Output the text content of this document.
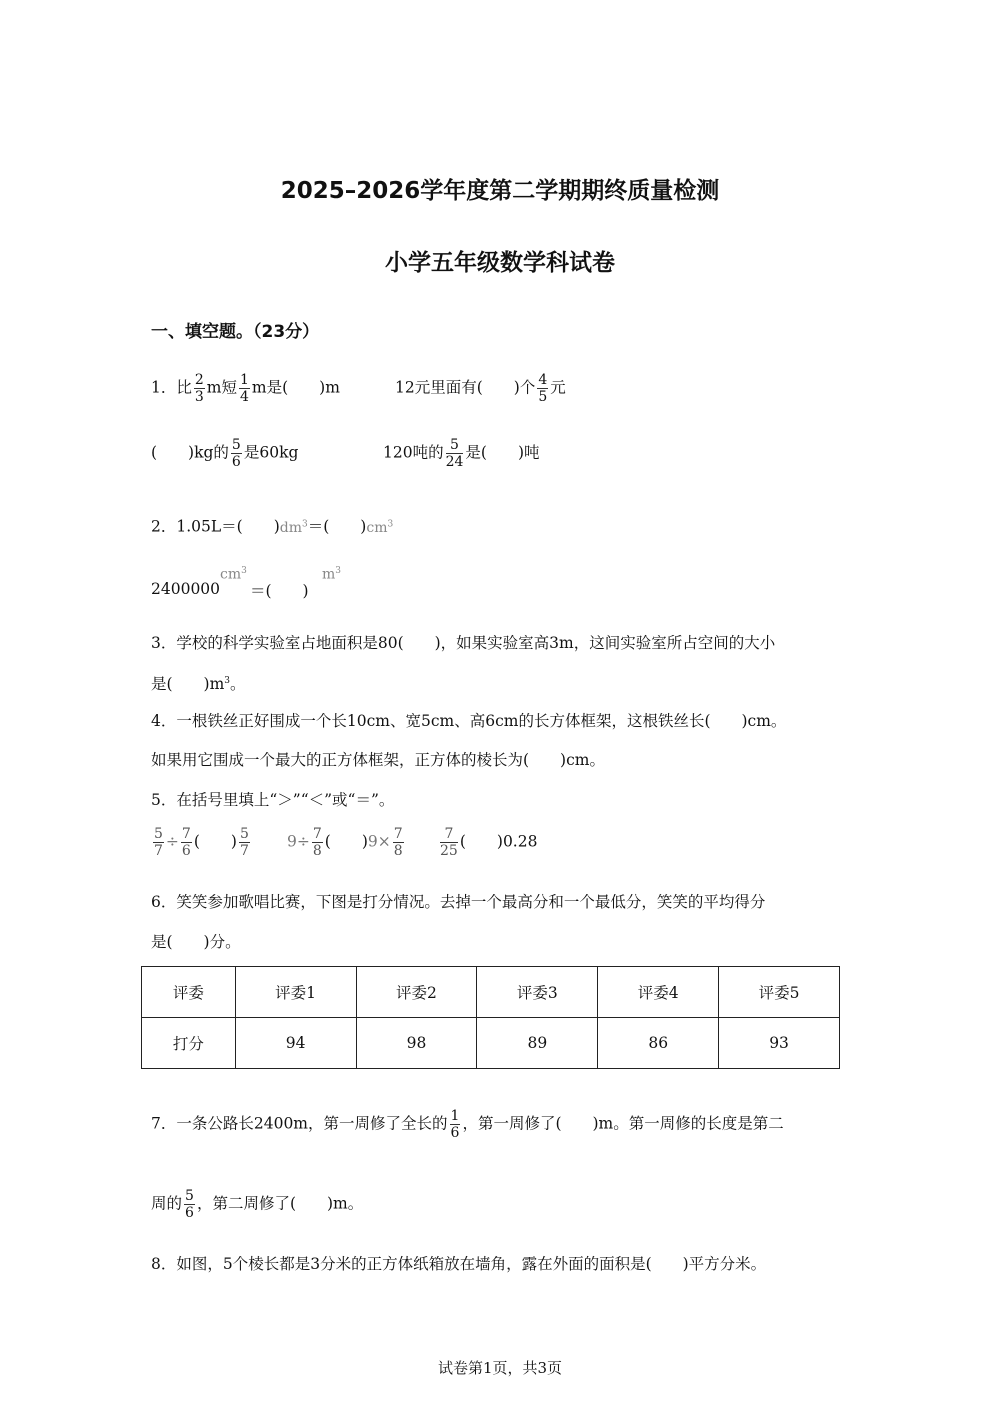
2025–2026学年度第二学期期终质量检测
小学五年级数学科试卷
一、填空题。（23分）
1．比 $\frac{2}{3}$ m短 $\frac{1}{4}$ m是(　　)m	12元里面有(　　)个 $\frac{4}{5}$ 元
(　　)kg的 $\frac{5}{6}$ 是60kg	120吨的 $\frac{5}{24}$ 是(　　)吨
2．1.05L＝(　　)$dm^3=$(　　)$cm^3$
2400000
$cm^3$
＝(　　)
$m^3$
3．学校的科学实验室占地面积是80(　　)，如果实验室高3m，这间实验室所占空间的大小
是(　　)$m^3$。
4．一根铁丝正好围成一个长10cm、宽5cm、高6cm的长方体框架，这根铁丝长(　　)cm。
如果用它围成一个最大的正方体框架，正方体的棱长为(　　)cm。
5．在括号里填上“＞”“＜”或“＝”。
$\frac{5}{7} \div \frac{7}{6}$ (　　) $\frac{5}{7} 9\div \frac{7}{8}$ (　　)$9\times \frac{7}{8}$	$\frac{7}{25}$ (　　)0.28
6．笑笑参加歌唱比赛，下图是打分情况。去掉一个最高分和一个最低分，笑笑的平均得分
是(　　)分。
评委	评委1	评委2	评委3	评委4	评委5
打分	94	98	89	86	93
7．一条公路长2400m，第一周修了全长的 $\frac{1}{6}$ ，第一周修了(　　)m。第一周修的长度是第二
周的 $\frac{5}{6}$ ，第二周修了(　　)m。
8．如图，5个棱长都是3分米的正方体纸箱放在墙角，露在外面的面积是(　　)平方分米。
试卷第1页，共3页
